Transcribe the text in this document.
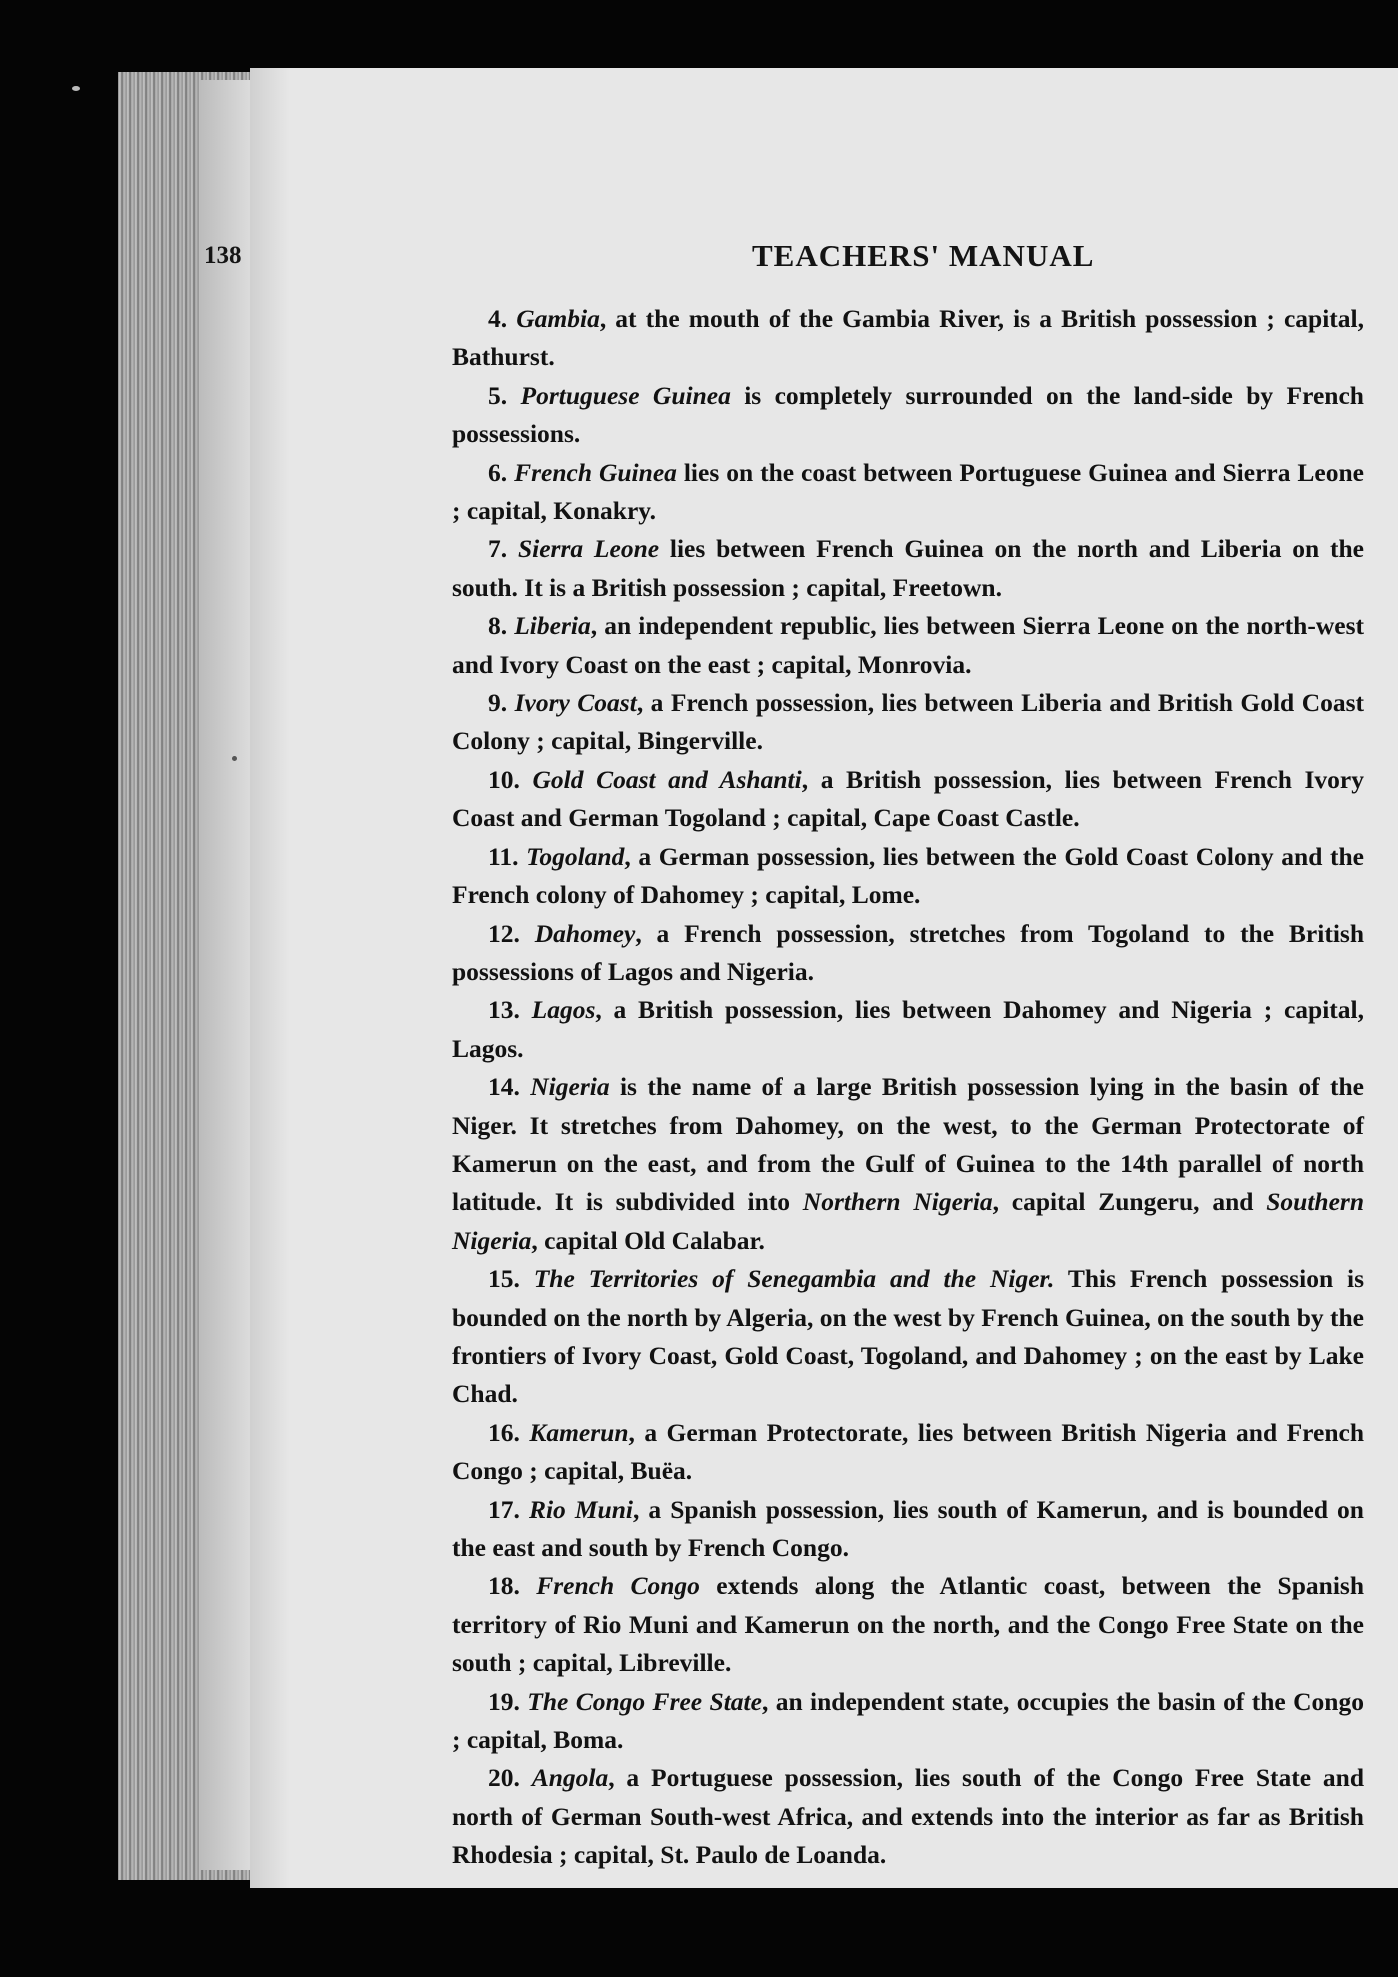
138	TEACHERS' MANUAL

4. Gambia, at the mouth of the Gambia River, is a British possession ; capital, Bathurst.

5. Portuguese Guinea is completely surrounded on the land-side by French possessions.

6. French Guinea lies on the coast between Portuguese Guinea and Sierra Leone ; capital, Konakry.

7. Sierra Leone lies between French Guinea on the north and Liberia on the south. It is a British possession ; capital, Freetown.

8. Liberia, an independent republic, lies between Sierra Leone on the north-west and Ivory Coast on the east ; capital, Monrovia.

9. Ivory Coast, a French possession, lies between Liberia and British Gold Coast Colony ; capital, Bingerville.

10. Gold Coast and Ashanti, a British possession, lies between French Ivory Coast and German Togoland ; capital, Cape Coast Castle.

11. Togoland, a German possession, lies between the Gold Coast Colony and the French colony of Dahomey ; capital, Lome.

12. Dahomey, a French possession, stretches from Togoland to the British possessions of Lagos and Nigeria.

13. Lagos, a British possession, lies between Dahomey and Nigeria ; capital, Lagos.

14. Nigeria is the name of a large British possession lying in the basin of the Niger. It stretches from Dahomey, on the west, to the German Protectorate of Kamerun on the east, and from the Gulf of Guinea to the 14th parallel of north latitude. It is subdivided into Northern Nigeria, capital Zungeru, and Southern Nigeria, capital Old Calabar.

15. The Territories of Senegambia and the Niger. This French possession is bounded on the north by Algeria, on the west by French Guinea, on the south by the frontiers of Ivory Coast, Gold Coast, Togoland, and Dahomey ; on the east by Lake Chad.

16. Kamerun, a German Protectorate, lies between British Nigeria and French Congo ; capital, Buëa.

17. Rio Muni, a Spanish possession, lies south of Kamerun, and is bounded on the east and south by French Congo.

18. French Congo extends along the Atlantic coast, between the Spanish territory of Rio Muni and Kamerun on the north, and the Congo Free State on the south ; capital, Libreville.

19. The Congo Free State, an independent state, occupies the basin of the Congo ; capital, Boma.

20. Angola, a Portuguese possession, lies south of the Congo Free State and north of German South-west Africa, and extends into the interior as far as British Rhodesia ; capital, St. Paulo de Loanda.
